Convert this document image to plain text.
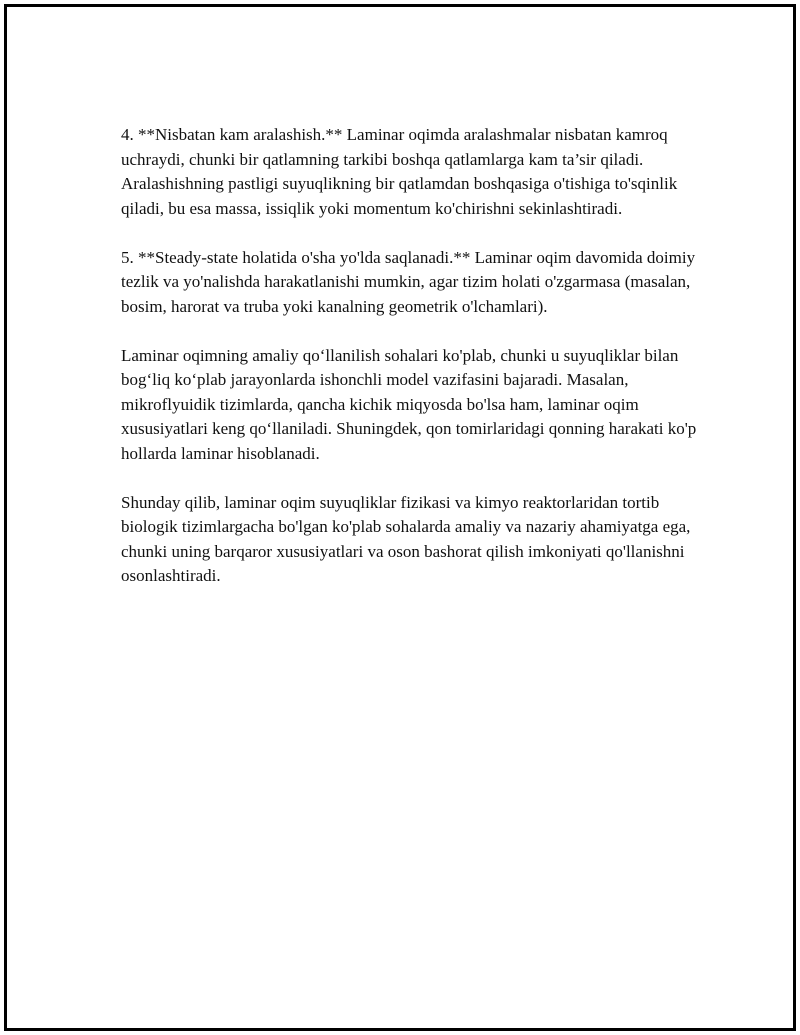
4. **Nisbatan kam aralashish.** Laminar oqimda aralashmalar nisbatan kamroq uchraydi, chunki bir qatlamning tarkibi boshqa qatlamlarga kam ta’sir qiladi. Aralashishning pastligi suyuqlikning bir qatlamdan boshqasiga o'tishiga to'sqinlik qiladi, bu esa massa, issiqlik yoki momentum ko'chirishni sekinlashtiradi.

5. **Steady-state holatida o'sha yo'lda saqlanadi.** Laminar oqim davomida doimiy tezlik va yo'nalishda harakatlanishi mumkin, agar tizim holati o'zgarmasa (masalan, bosim, harorat va truba yoki kanalning geometrik o'lchamlari).

Laminar oqimning amaliy qo‘llanilish sohalari ko'plab, chunki u suyuqliklar bilan bog‘liq ko‘plab jarayonlarda ishonchli model vazifasini bajaradi. Masalan, mikroflyuidik tizimlarda, qancha kichik miqyosda bo'lsa ham, laminar oqim xususiyatlari keng qo‘llaniladi. Shuningdek, qon tomirlaridagi qonning harakati ko'p hollarda laminar hisoblanadi.

Shunday qilib, laminar oqim suyuqliklar fizikasi va kimyo reaktorlaridan tortib biologik tizimlargacha bo'lgan ko'plab sohalarda amaliy va nazariy ahamiyatga ega, chunki uning barqaror xususiyatlari va oson bashorat qilish imkoniyati qo'llanishni osonlashtiradi.
